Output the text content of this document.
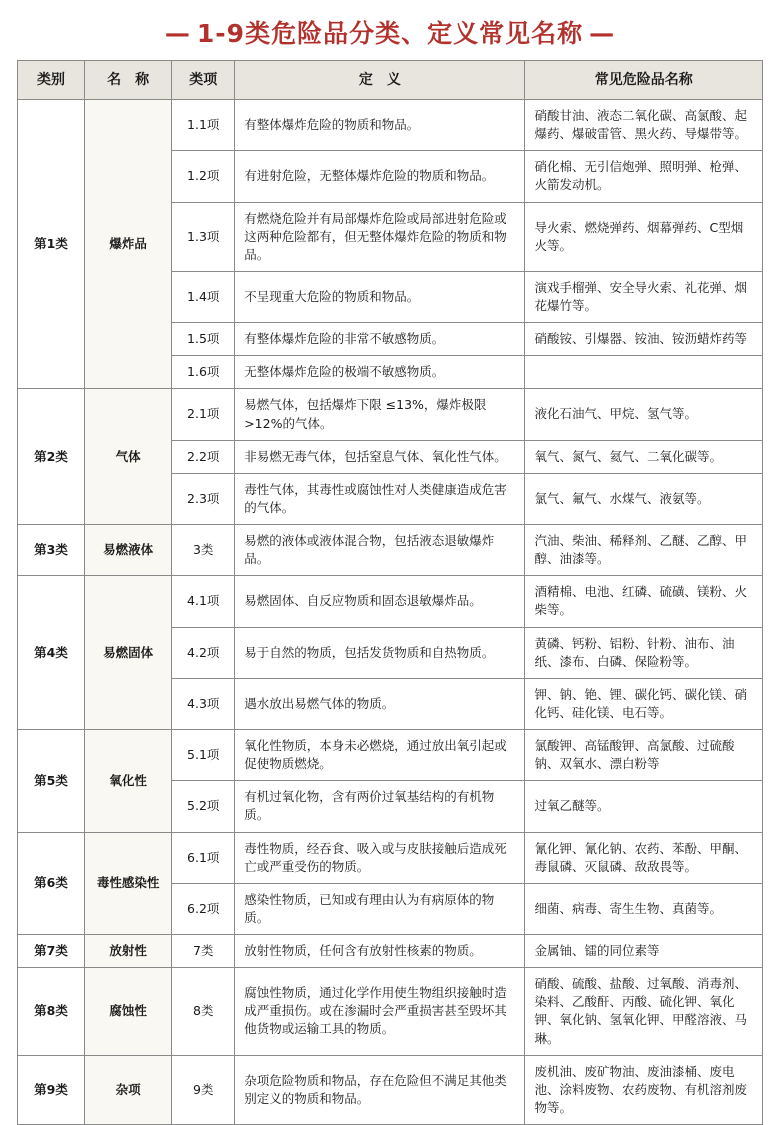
— 1-9类危险品分类、定义常见名称 —
类别	名　称	类项	定　义	常见危险品名称
第1类	爆炸品	1.1项	有整体爆炸危险的物质和物品。	硝酸甘油、液态二氧化碳、高氯酸、起爆药、爆破雷管、黑火药、导爆带等。
		1.2项	有进射危险，无整体爆炸危险的物质和物品。	硝化棉、无引信炮弹、照明弹、枪弹、火箭发动机。
		1.3项	有燃烧危险并有局部爆炸危险或局部进射危险或这两种危险都有，但无整体爆炸危险的物质和物品。	导火索、燃烧弹药、烟幕弹药、C型烟火等。
		1.4项	不呈现重大危险的物质和物品。	演戏手榴弹、安全导火索、礼花弹、烟花爆竹等。
		1.5项	有整体爆炸危险的非常不敏感物质。	硝酸铵、引爆器、铵油、铵沥蜡炸药等
		1.6项	无整体爆炸危险的极端不敏感物质。	
第2类	气体	2.1项	易燃气体，包括爆炸下限 ≤13%，爆炸极限 >12%的气体。	液化石油气、甲烷、氢气等。
		2.2项	非易燃无毒气体，包括窒息气体、氧化性气体。	氧气、氮气、氦气、二氧化碳等。
		2.3项	毒性气体，其毒性或腐蚀性对人类健康造成危害的气体。	氯气、氟气、水煤气、液氨等。
第3类	易燃液体	3类	易燃的液体或液体混合物，包括液态退敏爆炸品。	汽油、柴油、稀释剂、乙醚、乙醇、甲醇、油漆等。
第4类	易燃固体	4.1项	易燃固体、自反应物质和固态退敏爆炸品。	酒精棉、电池、红磷、硫磺、镁粉、火柴等。
		4.2项	易于自然的物质，包括发货物质和自热物质。	黄磷、钙粉、铝粉、针粉、油布、油纸、漆布、白磷、保险粉等。
		4.3项	遇水放出易燃气体的物质。	钾、钠、铯、锂、碳化钙、碳化镁、硝化钙、硅化镁、电石等。
第5类	氧化性	5.1项	氧化性物质，本身未必燃烧，通过放出氧引起或促使物质燃烧。	氯酸钾、高锰酸钾、高氯酸、过硫酸钠、双氧水、漂白粉等
		5.2项	有机过氧化物，含有两价过氧基结构的有机物质。	过氧乙醚等。
第6类	毒性感染性	6.1项	毒性物质，经吞食、吸入或与皮肤接触后造成死亡或严重受伤的物质。	氰化钾、氰化钠、农药、苯酚、甲酮、毒鼠磷、灭鼠磷、敌敌畏等。
		6.2项	感染性物质，已知或有理由认为有病原体的物质。	细菌、病毒、寄生生物、真菌等。
第7类	放射性	7类	放射性物质，任何含有放射性核素的物质。	金属铀、镭的同位素等
第8类	腐蚀性	8类	腐蚀性物质，通过化学作用使生物组织接触时造成严重损伤。或在渗漏时会严重损害甚至毁坏其他货物或运输工具的物质。	硝酸、硫酸、盐酸、过氧酸、消毒剂、染料、乙酸酐、丙酸、硫化钾、氧化钾、氧化钠、氢氧化钾、甲醛溶液、马琳。
第9类	杂项	9类	杂项危险物质和物品，存在危险但不满足其他类别定义的物质和物品。	废机油、废矿物油、废油漆桶、废电池、涂料废物、农药废物、有机溶剂废物等。
